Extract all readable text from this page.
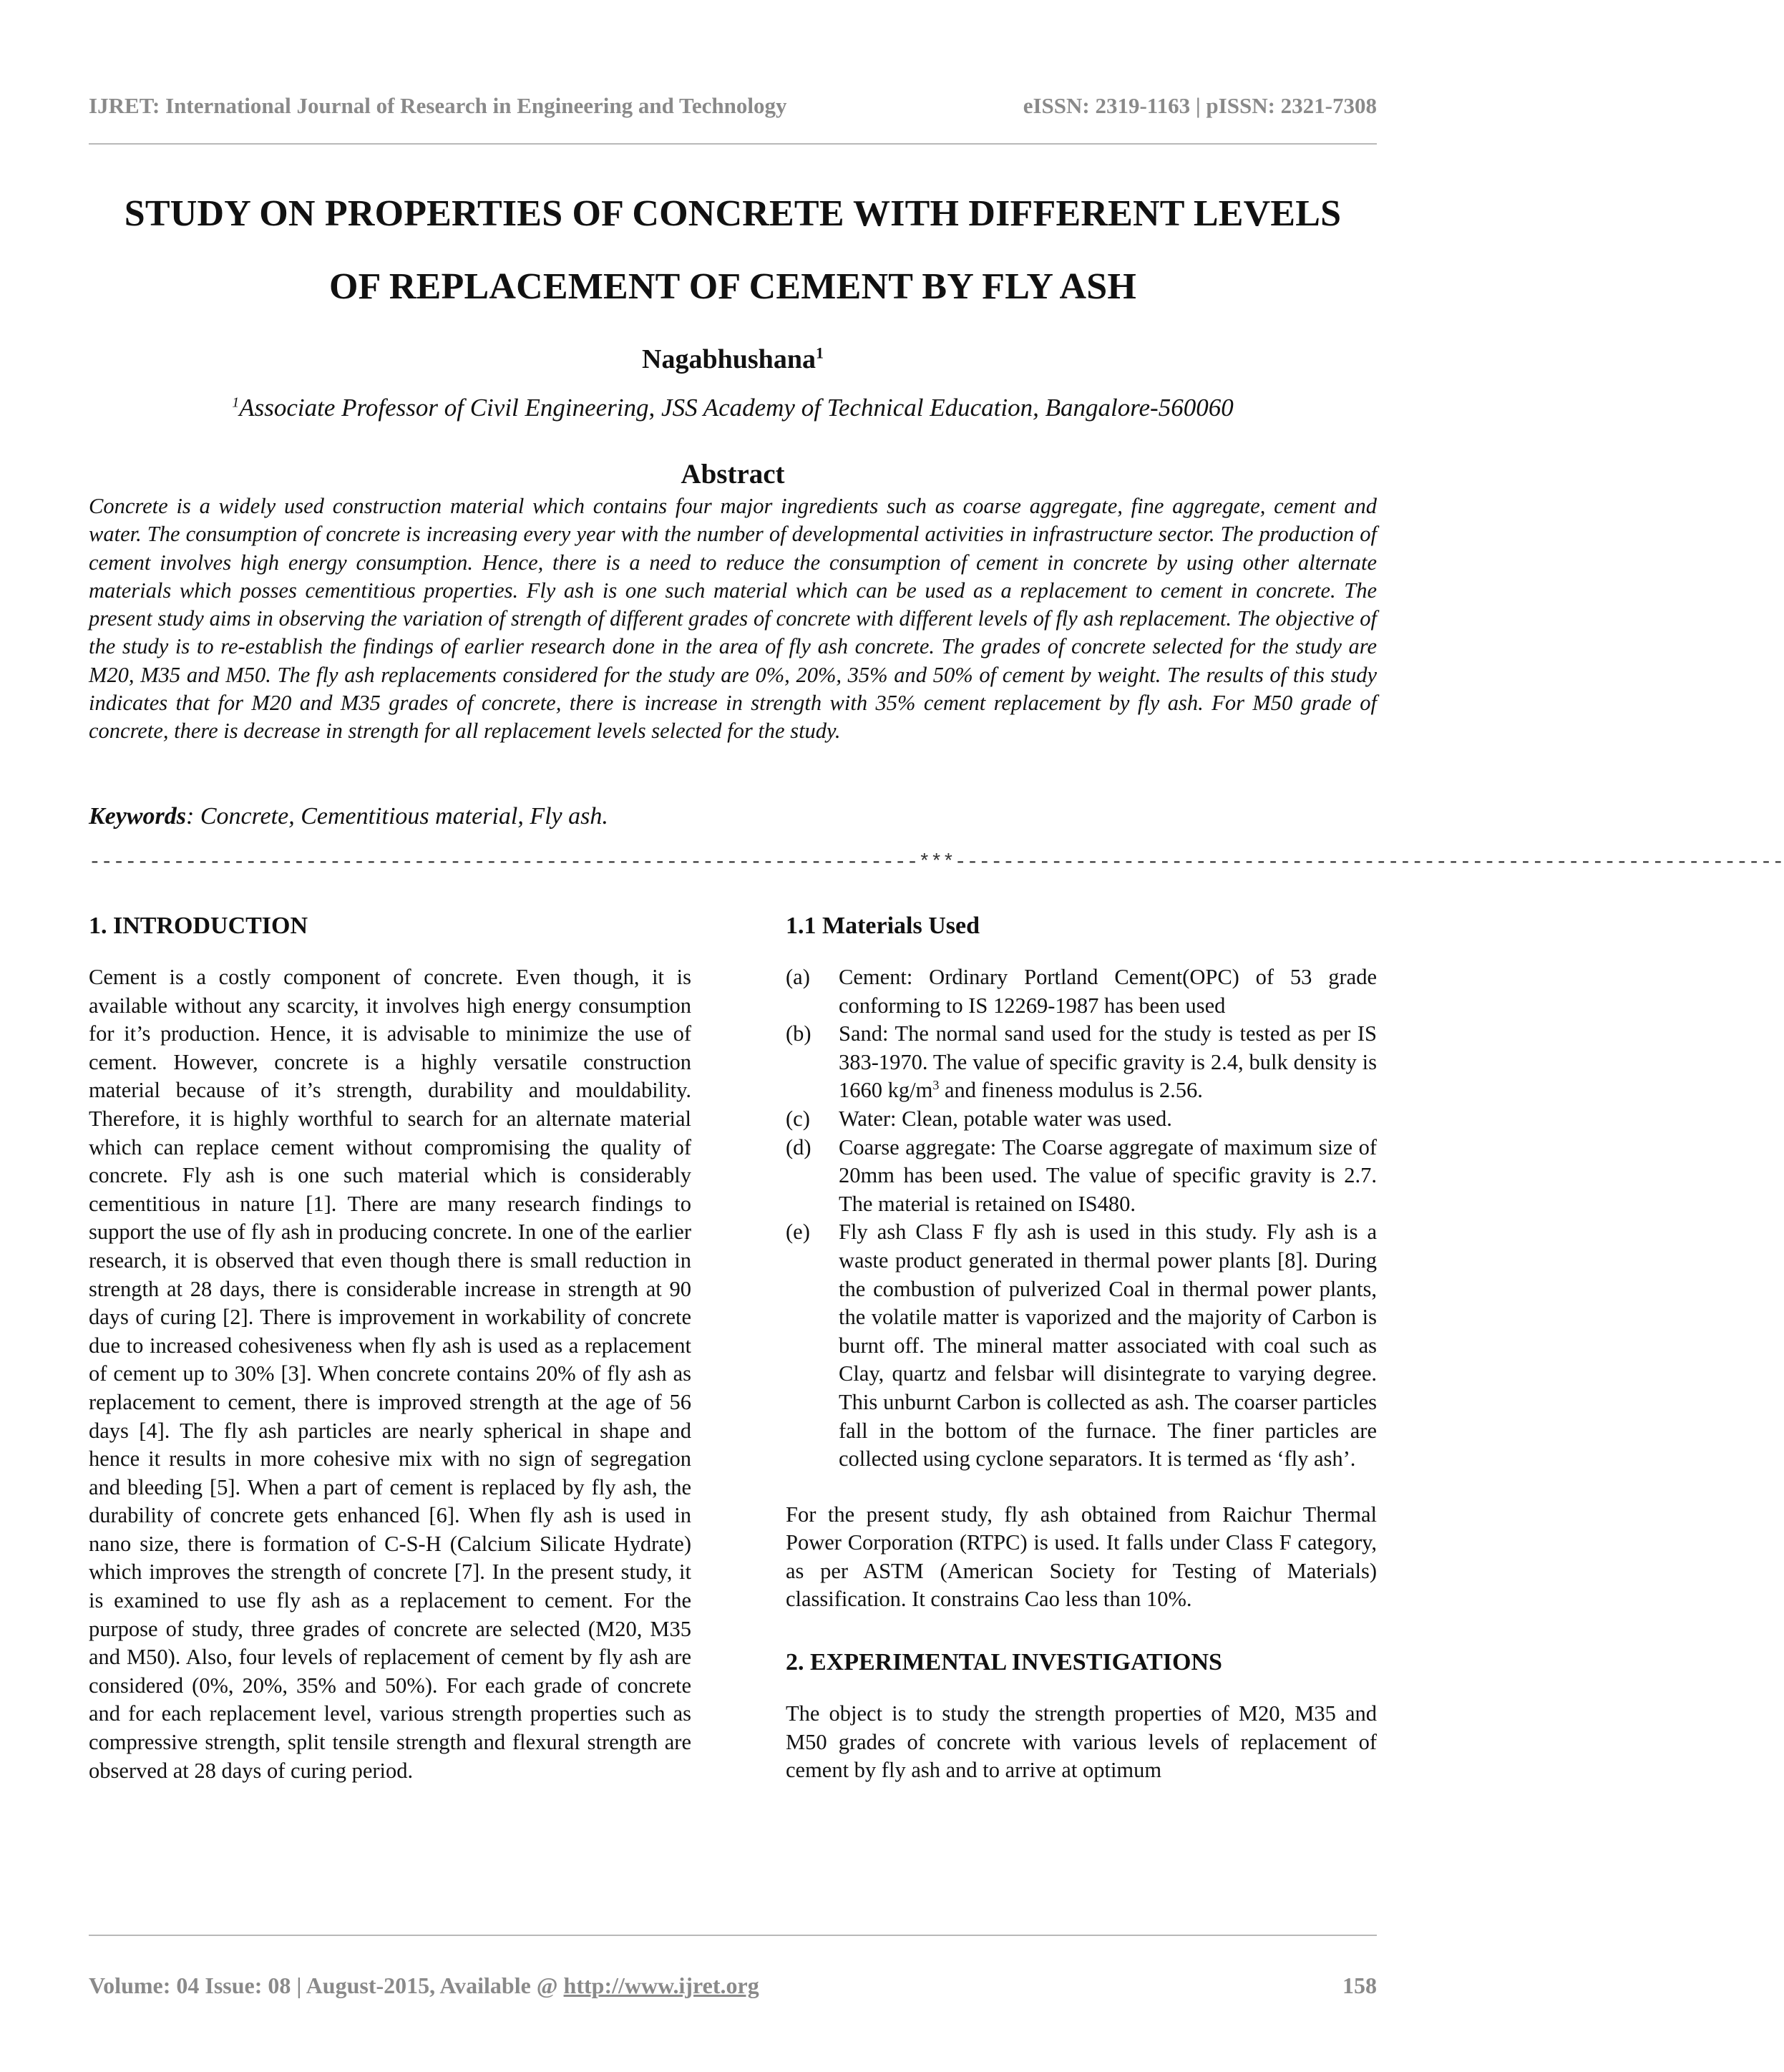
IJRET: International Journal of Research in Engineering and Technology	eISSN: 2319-1163 | pISSN: 2321-7308
STUDY ON PROPERTIES OF CONCRETE WITH DIFFERENT LEVELS
OF REPLACEMENT OF CEMENT BY FLY ASH
Nagabhushana$^1$
$^1$Associate Professor of Civil Engineering, JSS Academy of Technical Education, Bangalore-560060
Abstract

Concrete is a widely used construction material which contains four major ingredients such as coarse aggregate, fine aggregate, cement and water. The consumption of concrete is increasing every year with the number of developmental activities in infrastructure sector. The production of cement involves high energy consumption. Hence, there is a need to reduce the consumption of cement in concrete by using other alternate materials which posses cementitious properties. Fly ash is one such material which can be used as a replacement to cement in concrete. The present study aims in observing the variation of strength of different grades of concrete with different levels of fly ash replacement. The objective of the study is to re-establish the findings of earlier research done in the area of fly ash concrete. The grades of concrete selected for the study are M20, M35 and M50. The fly ash replacements considered for the study are 0%, 20%, 35% and 50% of cement by weight. The results of this study indicates that for M20 and M35 grades of concrete, there is increase in strength with 35% cement replacement by fly ash. For M50 grade of concrete, there is decrease in strength for all replacement levels selected for the study.

Keywords: Concrete, Cementitious material, Fly ash.
---------------------------------------------------------------------***---------------------------------------------------------------------
1. INTRODUCTION

Cement is a costly component of concrete. Even though, it is available without any scarcity, it involves high energy consumption for it’s production. Hence, it is advisable to minimize the use of cement. However, concrete is a highly versatile construction material because of it’s strength, durability and mouldability. Therefore, it is highly worthful to search for an alternate material which can replace cement without compromising the quality of concrete. Fly ash is one such material which is considerably cementitious in nature [1]. There are many research findings to support the use of fly ash in producing concrete. In one of the earlier research, it is observed that even though there is small reduction in strength at 28 days, there is considerable increase in strength at 90 days of curing [2]. There is improvement in workability of concrete due to increased cohesiveness when fly ash is used as a replacement of cement up to 30% [3]. When concrete contains 20% of fly ash as replacement to cement, there is improved strength at the age of 56 days [4]. The fly ash particles are nearly spherical in shape and hence it results in more cohesive mix with no sign of segregation and bleeding [5]. When a part of cement is replaced by fly ash, the durability of concrete gets enhanced [6]. When fly ash is used in nano size, there is formation of C-S-H (Calcium Silicate Hydrate) which improves the strength of concrete [7]. In the present study, it is examined to use fly ash as a replacement to cement. For the purpose of study, three grades of concrete are selected (M20, M35 and M50). Also, four levels of replacement of cement by fly ash are considered (0%, 20%, 35% and 50%). For each grade of concrete and for each replacement level, various strength properties such as compressive strength, split tensile strength and flexural strength are observed at 28 days of curing period.

1.1 Materials Used
(a)	Cement: Ordinary Portland Cement(OPC) of 53 grade conforming to IS 12269-1987 has been used
(b)	Sand: The normal sand used for the study is tested as per IS 383-1970. The value of specific gravity is 2.4, bulk density is 1660 $kg/m^3$ and fineness modulus is 2.56.
(c)	Water: Clean, potable water was used.
(d)	Coarse aggregate: The Coarse aggregate of maximum size of 20mm has been used. The value of specific gravity is 2.7. The material is retained on IS480.
(e)	Fly ash Class F fly ash is used in this study. Fly ash is a waste product generated in thermal power plants [8]. During the combustion of pulverized Coal in thermal power plants, the volatile matter is vaporized and the majority of Carbon is burnt off. The mineral matter associated with coal such as Clay, quartz and felsbar will disintegrate to varying degree. This unburnt Carbon is collected as ash. The coarser particles fall in the bottom of the furnace. The finer particles are collected using cyclone separators. It is termed as ‘fly ash’.

For the present study, fly ash obtained from Raichur Thermal Power Corporation (RTPC) is used. It falls under Class F category, as per ASTM (American Society for Testing of Materials) classification. It constrains Cao less than 10%.

2. EXPERIMENTAL INVESTIGATIONS

The object is to study the strength properties of M20, M35 and M50 grades of concrete with various levels of replacement of cement by fly ash and to arrive at optimum

Volume: 04 Issue: 08 | August-2015, Available @ http://www.ijret.org	158
